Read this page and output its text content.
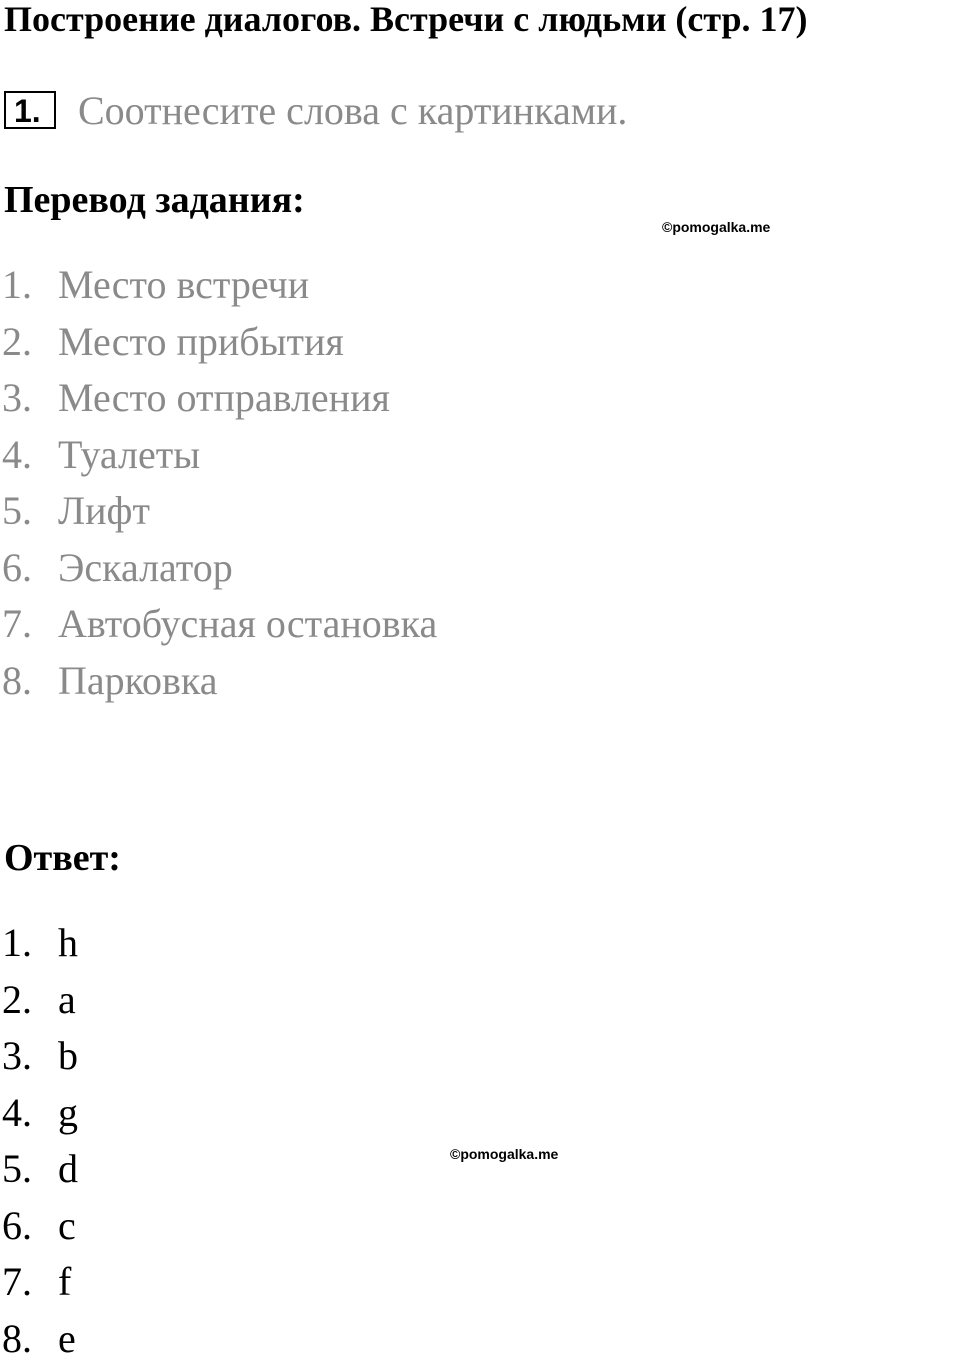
Построение диалогов. Встречи с людьми (стр. 17)
1. Соотнесите слова с картинками.
Перевод задания:
©pomogalka.me
1. Место встречи
2. Место прибытия
3. Место отправления
4. Туалеты
5. Лифт
6. Эскалатор
7. Автобусная остановка
8. Парковка
Ответ:
1. h
2. a
3. b
4. g
5. d
6. c
7. f
8. e
©pomogalka.me
